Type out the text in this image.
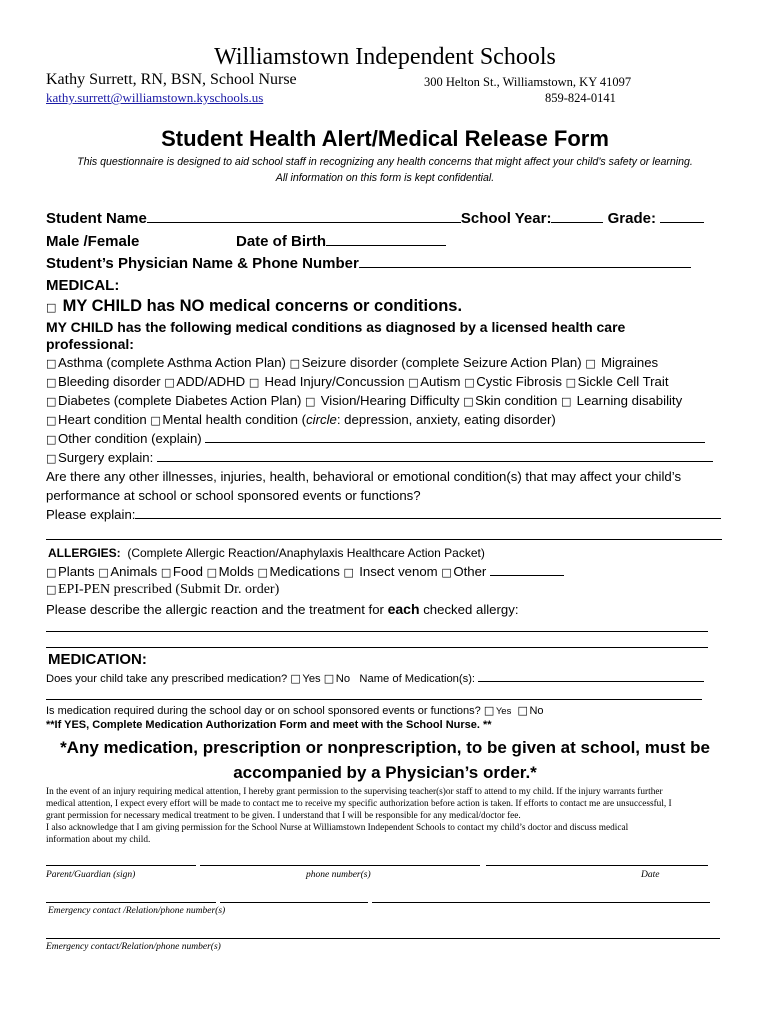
Williamstown Independent Schools
Kathy Surrett, RN, BSN, School Nurse	300 Helton St., Williamstown, KY 41097
kathy.surrett@williamstown.kyschools.us	859-824-0141
Student Health Alert/Medical Release Form
This questionnaire is designed to aid school staff in recognizing any health concerns that might affect your child’s safety or learning.
All information on this form is kept confidential.
Student Name	School Year:	Grade:
Male /Female	Date of Birth
Student’s Physician Name & Phone Number
MEDICAL:
□ MY CHILD has NO medical concerns or conditions.
MY CHILD has the following medical conditions as diagnosed by a licensed health care
professional:
□ Asthma (complete Asthma Action Plan) □ Seizure disorder (complete Seizure Action Plan) □ Migraines
□ Bleeding disorder □ ADD/ADHD □ Head Injury/Concussion □ Autism □ Cystic Fibrosis □ Sickle Cell Trait
□ Diabetes (complete Diabetes Action Plan) □ Vision/Hearing Difficulty □ Skin condition □ Learning disability
□ Heart condition □ Mental health condition (circle: depression, anxiety, eating disorder)
□ Other condition (explain)
□ Surgery explain:
Are there any other illnesses, injuries, health, behavioral or emotional condition(s) that may affect your child’s
performance at school or school sponsored events or functions?
Please explain:
ALLERGIES: (Complete Allergic Reaction/Anaphylaxis Healthcare Action Packet)
□ Plants □ Animals □ Food □ Molds □ Medications □ Insect venom □ Other
□ EPI-PEN prescribed (Submit Dr. order)
Please describe the allergic reaction and the treatment for each checked allergy:
MEDICATION:
Does your child take any prescribed medication? □ Yes □ No Name of Medication(s):
Is medication required during the school day or on school sponsored events or functions? □ Yes □ No
**If YES, Complete Medication Authorization Form and meet with the School Nurse. **
*Any medication, prescription or nonprescription, to be given at school, must be
accompanied by a Physician’s order.*
In the event of an injury requiring medical attention, I hereby grant permission to the supervising teacher(s)or staff to attend to my child. If the injury warrants further
medical attention, I expect every effort will be made to contact me to receive my specific authorization before action is taken. If efforts to contact me are unsuccessful, I
grant permission for necessary medical treatment to be given. I understand that I will be responsible for any medical/doctor fee.
I also acknowledge that I am giving permission for the School Nurse at Williamstown Independent Schools to contact my child’s doctor and discuss medical
information about my child.
Parent/Guardian (sign)	phone number(s)	Date
Emergency contact /Relation/phone number(s)
Emergency contact/Relation/phone number(s)
